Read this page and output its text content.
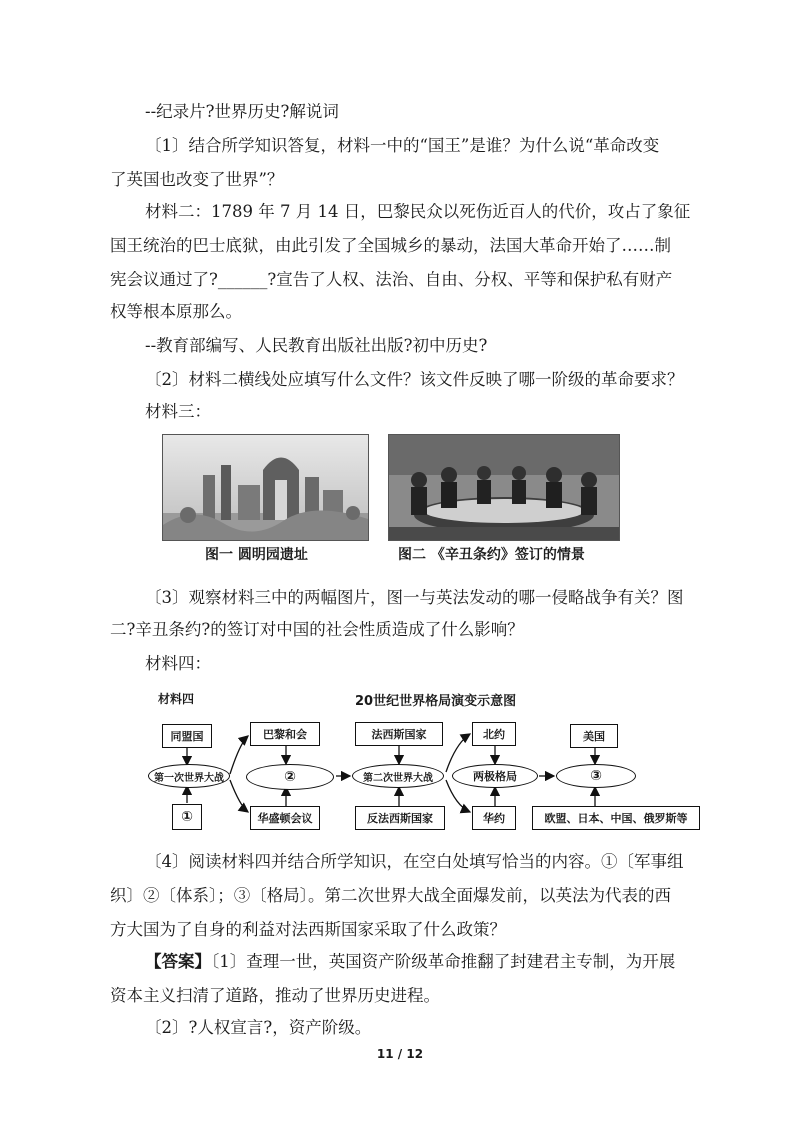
--纪录片?世界历史?解说词
〔1〕结合所学知识答复，材料一中的“国王”是谁？为什么说“革命改变
了英国也改变了世界”？
材料二：1789 年 7 月 14 日，巴黎民众以死伤近百人的代价，攻占了象征
国王统治的巴士底狱，由此引发了全国城乡的暴动，法国大革命开始了……制
宪会议通过了?______?宣告了人权、法治、自由、分权、平等和保护私有财产
权等根本原那么。
--教育部编写、人民教育出版社出版?初中历史?
〔2〕材料二横线处应填写什么文件？该文件反映了哪一阶级的革命要求？
材料三：
图一 圆明园遗址	图二 《辛丑条约》签订的情景
〔3〕观察材料三中的两幅图片，图一与英法发动的哪一侵略战争有关？图
二?辛丑条约?的签订对中国的社会性质造成了什么影响？
材料四：
材料四	20世纪世界格局演变示意图
同盟国
第一次世界大战
①
巴黎和会
②
华盛顿会议
法西斯国家
第二次世界大战
反法西斯国家
北约
两极格局
华约
美国
③
欧盟、日本、中国、俄罗斯等
〔4〕阅读材料四并结合所学知识，在空白处填写恰当的内容。①〔军事组
织〕②〔体系〕；③〔格局〕。第二次世界大战全面爆发前，以英法为代表的西
方大国为了自身的利益对法西斯国家采取了什么政策？
【答案】〔1〕查理一世，英国资产阶级革命推翻了封建君主专制，为开展
资本主义扫清了道路，推动了世界历史进程。
〔2〕?人权宣言?，资产阶级。
11 / 12
